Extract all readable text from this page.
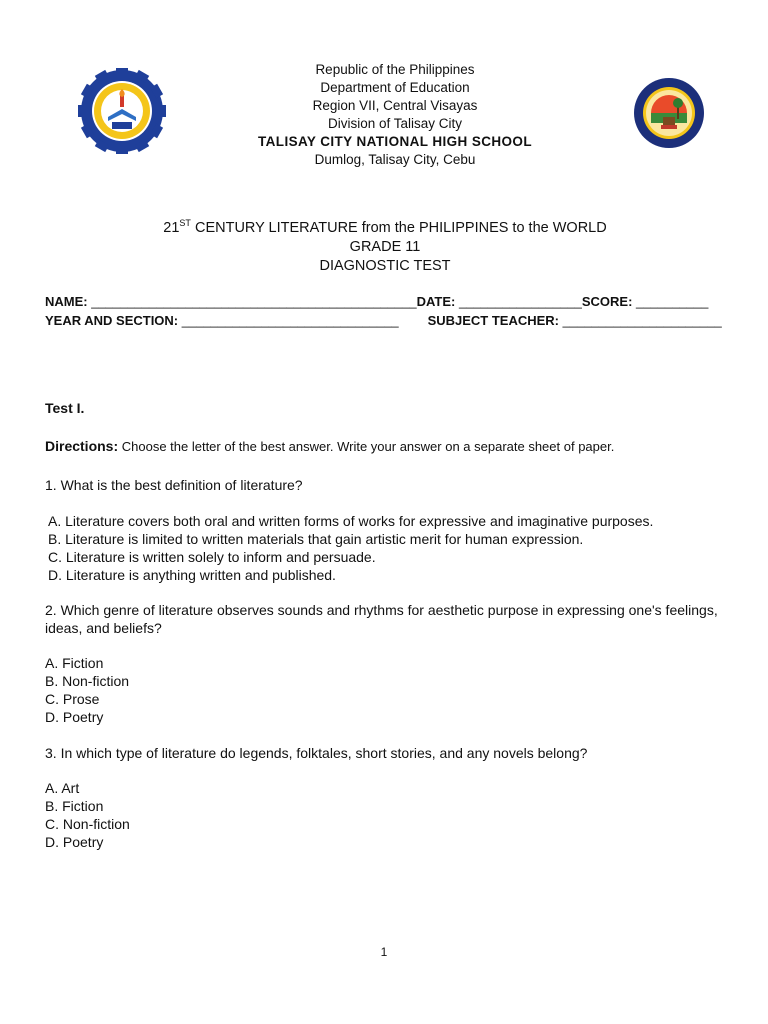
Republic of the Philippines
Department of Education
Region VII, Central Visayas
Division of Talisay City
TALISAY CITY NATIONAL HIGH SCHOOL
Dumlog, Talisay City, Cebu
21ST CENTURY LITERATURE from the PHILIPPINES to the WORLD
GRADE 11
DIAGNOSTIC TEST
NAME: _____________________________________________DATE: _________________SCORE: __________
YEAR AND SECTION: ______________________________ SUBJECT TEACHER: ______________________
Test I.
Directions: Choose the letter of the best answer. Write your answer on a separate sheet of paper.
1. What is the best definition of literature?
A. Literature covers both oral and written forms of works for expressive and imaginative purposes.
B. Literature is limited to written materials that gain artistic merit for human expression.
C. Literature is written solely to inform and persuade.
D. Literature is anything written and published.
2. Which genre of literature observes sounds and rhythms for aesthetic purpose in expressing one's feelings, ideas, and beliefs?
A. Fiction
B. Non-fiction
C. Prose
D. Poetry
3. In which type of literature do legends, folktales, short stories, and any novels belong?
A. Art
B. Fiction
C. Non-fiction
D. Poetry
1
